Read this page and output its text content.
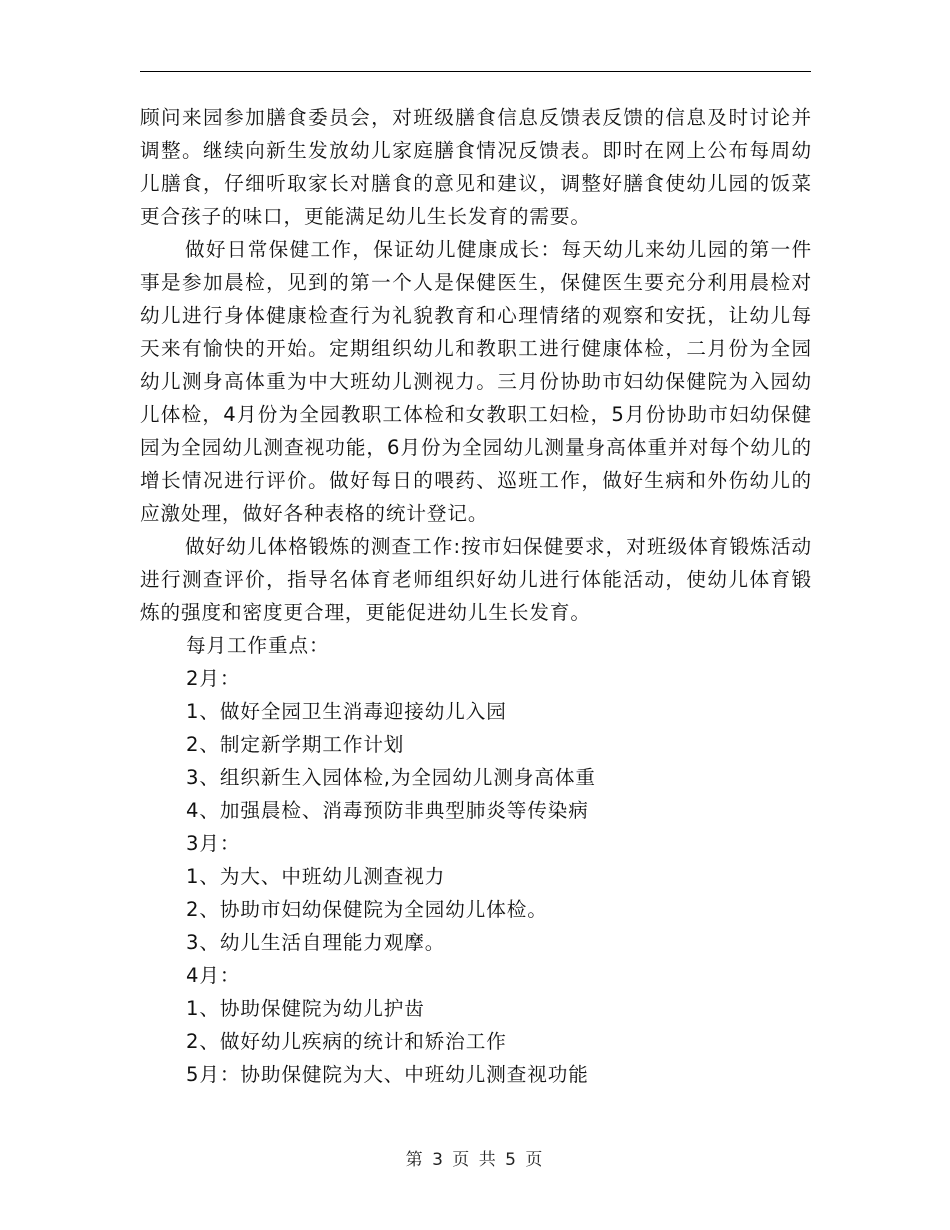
顾问来园参加膳食委员会，对班级膳食信息反馈表反馈的信息及时讨论并调整。继续向新生发放幼儿家庭膳食情况反馈表。即时在网上公布每周幼儿膳食，仔细听取家长对膳食的意见和建议，调整好膳食使幼儿园的饭菜更合孩子的味口，更能满足幼儿生长发育的需要。

做好日常保健工作，保证幼儿健康成长：每天幼儿来幼儿园的第一件事是参加晨检，见到的第一个人是保健医生，保健医生要充分利用晨检对幼儿进行身体健康检查行为礼貌教育和心理情绪的观察和安抚，让幼儿每天来有愉快的开始。定期组织幼儿和教职工进行健康体检，二月份为全园幼儿测身高体重为中大班幼儿测视力。三月份协助市妇幼保健院为入园幼儿体检，4月份为全园教职工体检和女教职工妇检，5月份协助市妇幼保健园为全园幼儿测查视功能，6月份为全园幼儿测量身高体重并对每个幼儿的增长情况进行评价。做好每日的喂药、巡班工作，做好生病和外伤幼儿的应激处理，做好各种表格的统计登记。

做好幼儿体格锻炼的测查工作:按市妇保健要求，对班级体育锻炼活动进行测查评价，指导名体育老师组织好幼儿进行体能活动，使幼儿体育锻炼的强度和密度更合理，更能促进幼儿生长发育。

每月工作重点：

2月：

1、做好全园卫生消毒迎接幼儿入园

2、制定新学期工作计划

3、组织新生入园体检,为全园幼儿测身高体重

4、加强晨检、消毒预防非典型肺炎等传染病

3月：

1、为大、中班幼儿测查视力

2、协助市妇幼保健院为全园幼儿体检。

3、幼儿生活自理能力观摩。

4月：

1、协助保健院为幼儿护齿

2、做好幼儿疾病的统计和矫治工作

5月：协助保健院为大、中班幼儿测查视功能

第 3 页 共 5 页
